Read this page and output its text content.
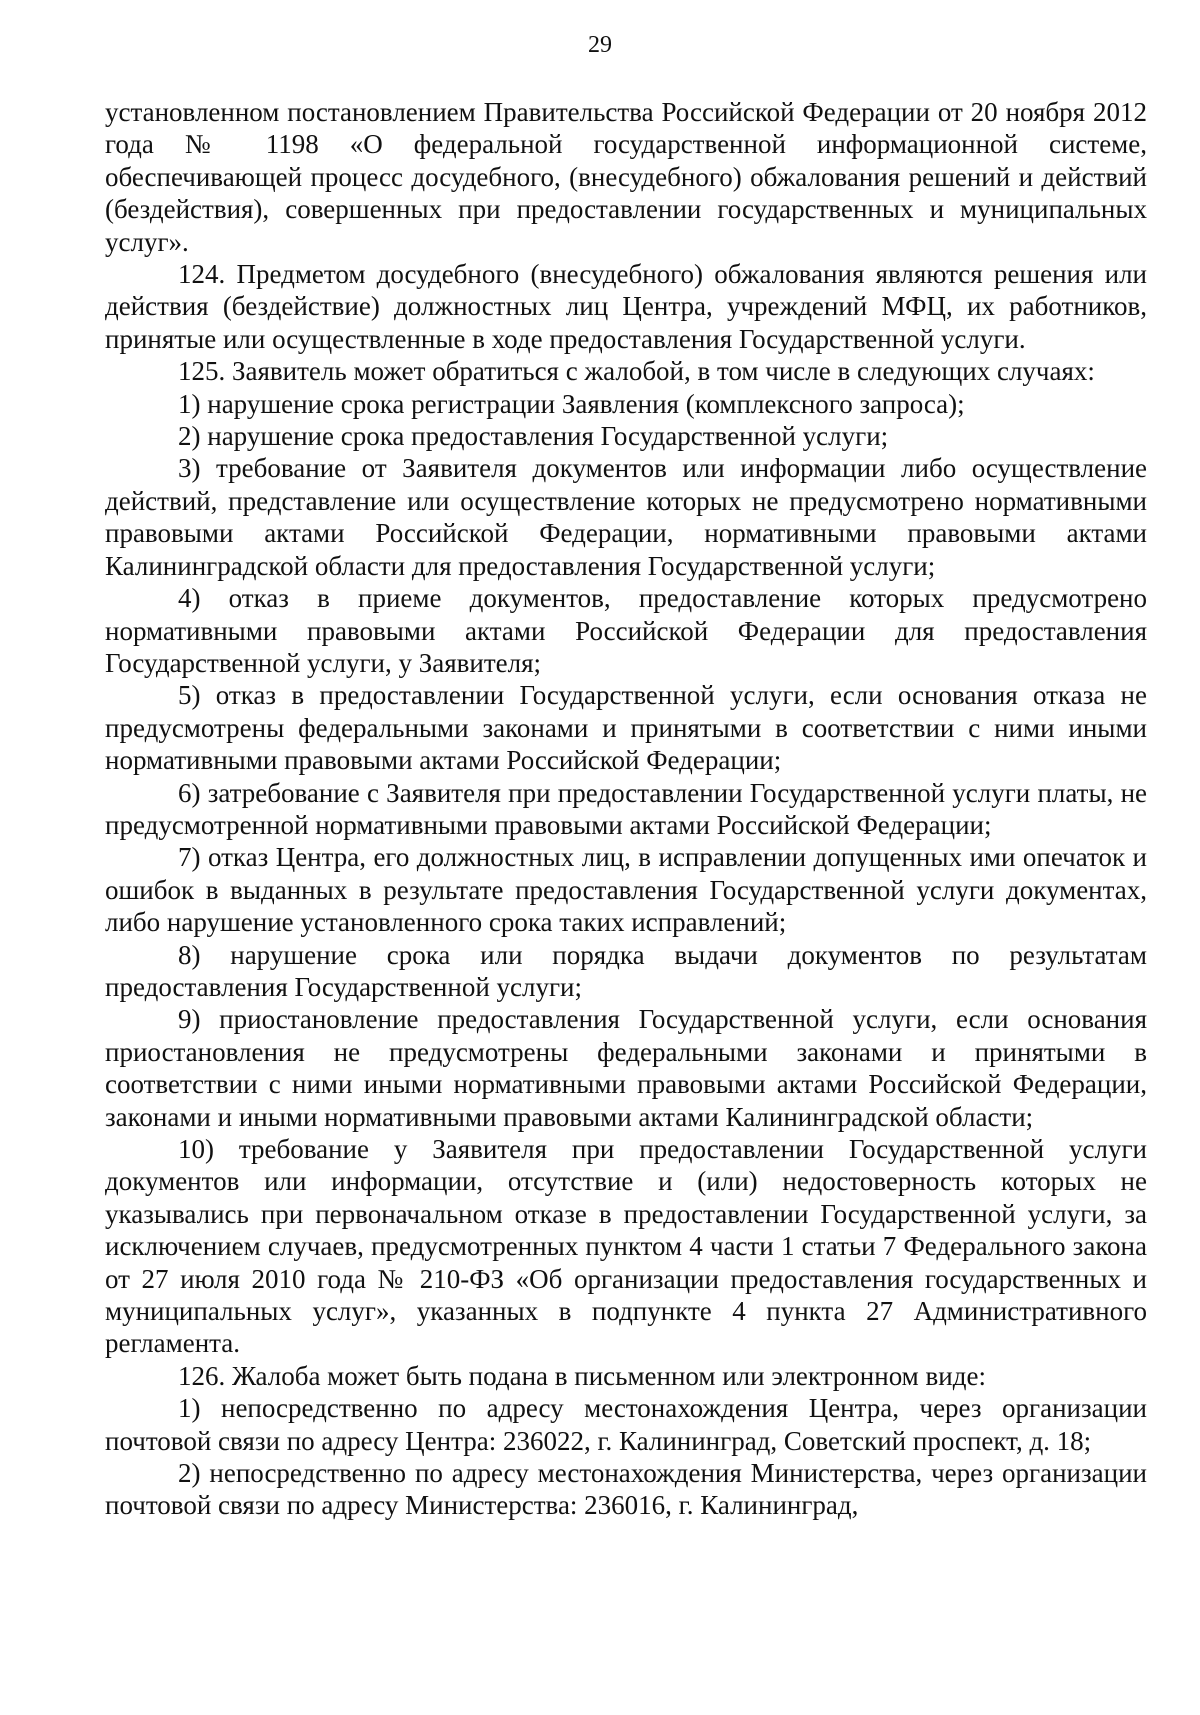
29

установленном постановлением Правительства Российской Федерации от 20 ноября 2012 года № 1198 «О федеральной государственной информационной системе, обеспечивающей процесс досудебного, (внесудебного) обжалования решений и действий (бездействия), совершенных при предоставлении государственных и муниципальных услуг».

124. Предметом досудебного (внесудебного) обжалования являются решения или действия (бездействие) должностных лиц Центра, учреждений МФЦ, их работников, принятые или осуществленные в ходе предоставления Государственной услуги.

125. Заявитель может обратиться с жалобой, в том числе в следующих случаях:

1) нарушение срока регистрации Заявления (комплексного запроса);

2) нарушение срока предоставления Государственной услуги;

3) требование от Заявителя документов или информации либо осуществление действий, представление или осуществление которых не предусмотрено нормативными правовыми актами Российской Федерации, нормативными правовыми актами Калининградской области для предоставления Государственной услуги;

4) отказ в приеме документов, предоставление которых предусмотрено нормативными правовыми актами Российской Федерации для предоставления Государственной услуги, у Заявителя;

5) отказ в предоставлении Государственной услуги, если основания отказа не предусмотрены федеральными законами и принятыми в соответствии с ними иными нормативными правовыми актами Российской Федерации;

6) затребование с Заявителя при предоставлении Государственной услуги платы, не предусмотренной нормативными правовыми актами Российской Федерации;

7) отказ Центра, его должностных лиц, в исправлении допущенных ими опечаток и ошибок в выданных в результате предоставления Государственной услуги документах, либо нарушение установленного срока таких исправлений;

8) нарушение срока или порядка выдачи документов по результатам предоставления Государственной услуги;

9) приостановление предоставления Государственной услуги, если основания приостановления не предусмотрены федеральными законами и принятыми в соответствии с ними иными нормативными правовыми актами Российской Федерации, законами и иными нормативными правовыми актами Калининградской области;

10) требование у Заявителя при предоставлении Государственной услуги документов или информации, отсутствие и (или) недостоверность которых не указывались при первоначальном отказе в предоставлении Государственной услуги, за исключением случаев, предусмотренных пунктом 4 части 1 статьи 7 Федерального закона от 27 июля 2010 года № 210-ФЗ «Об организации предоставления государственных и муниципальных услуг», указанных в подпункте 4 пункта 27 Административного регламента.

126. Жалоба может быть подана в письменном или электронном виде:

1) непосредственно по адресу местонахождения Центра, через организации почтовой связи по адресу Центра: 236022, г. Калининград, Советский проспект, д. 18;

2) непосредственно по адресу местонахождения Министерства, через организации почтовой связи по адресу Министерства: 236016, г. Калининград,
